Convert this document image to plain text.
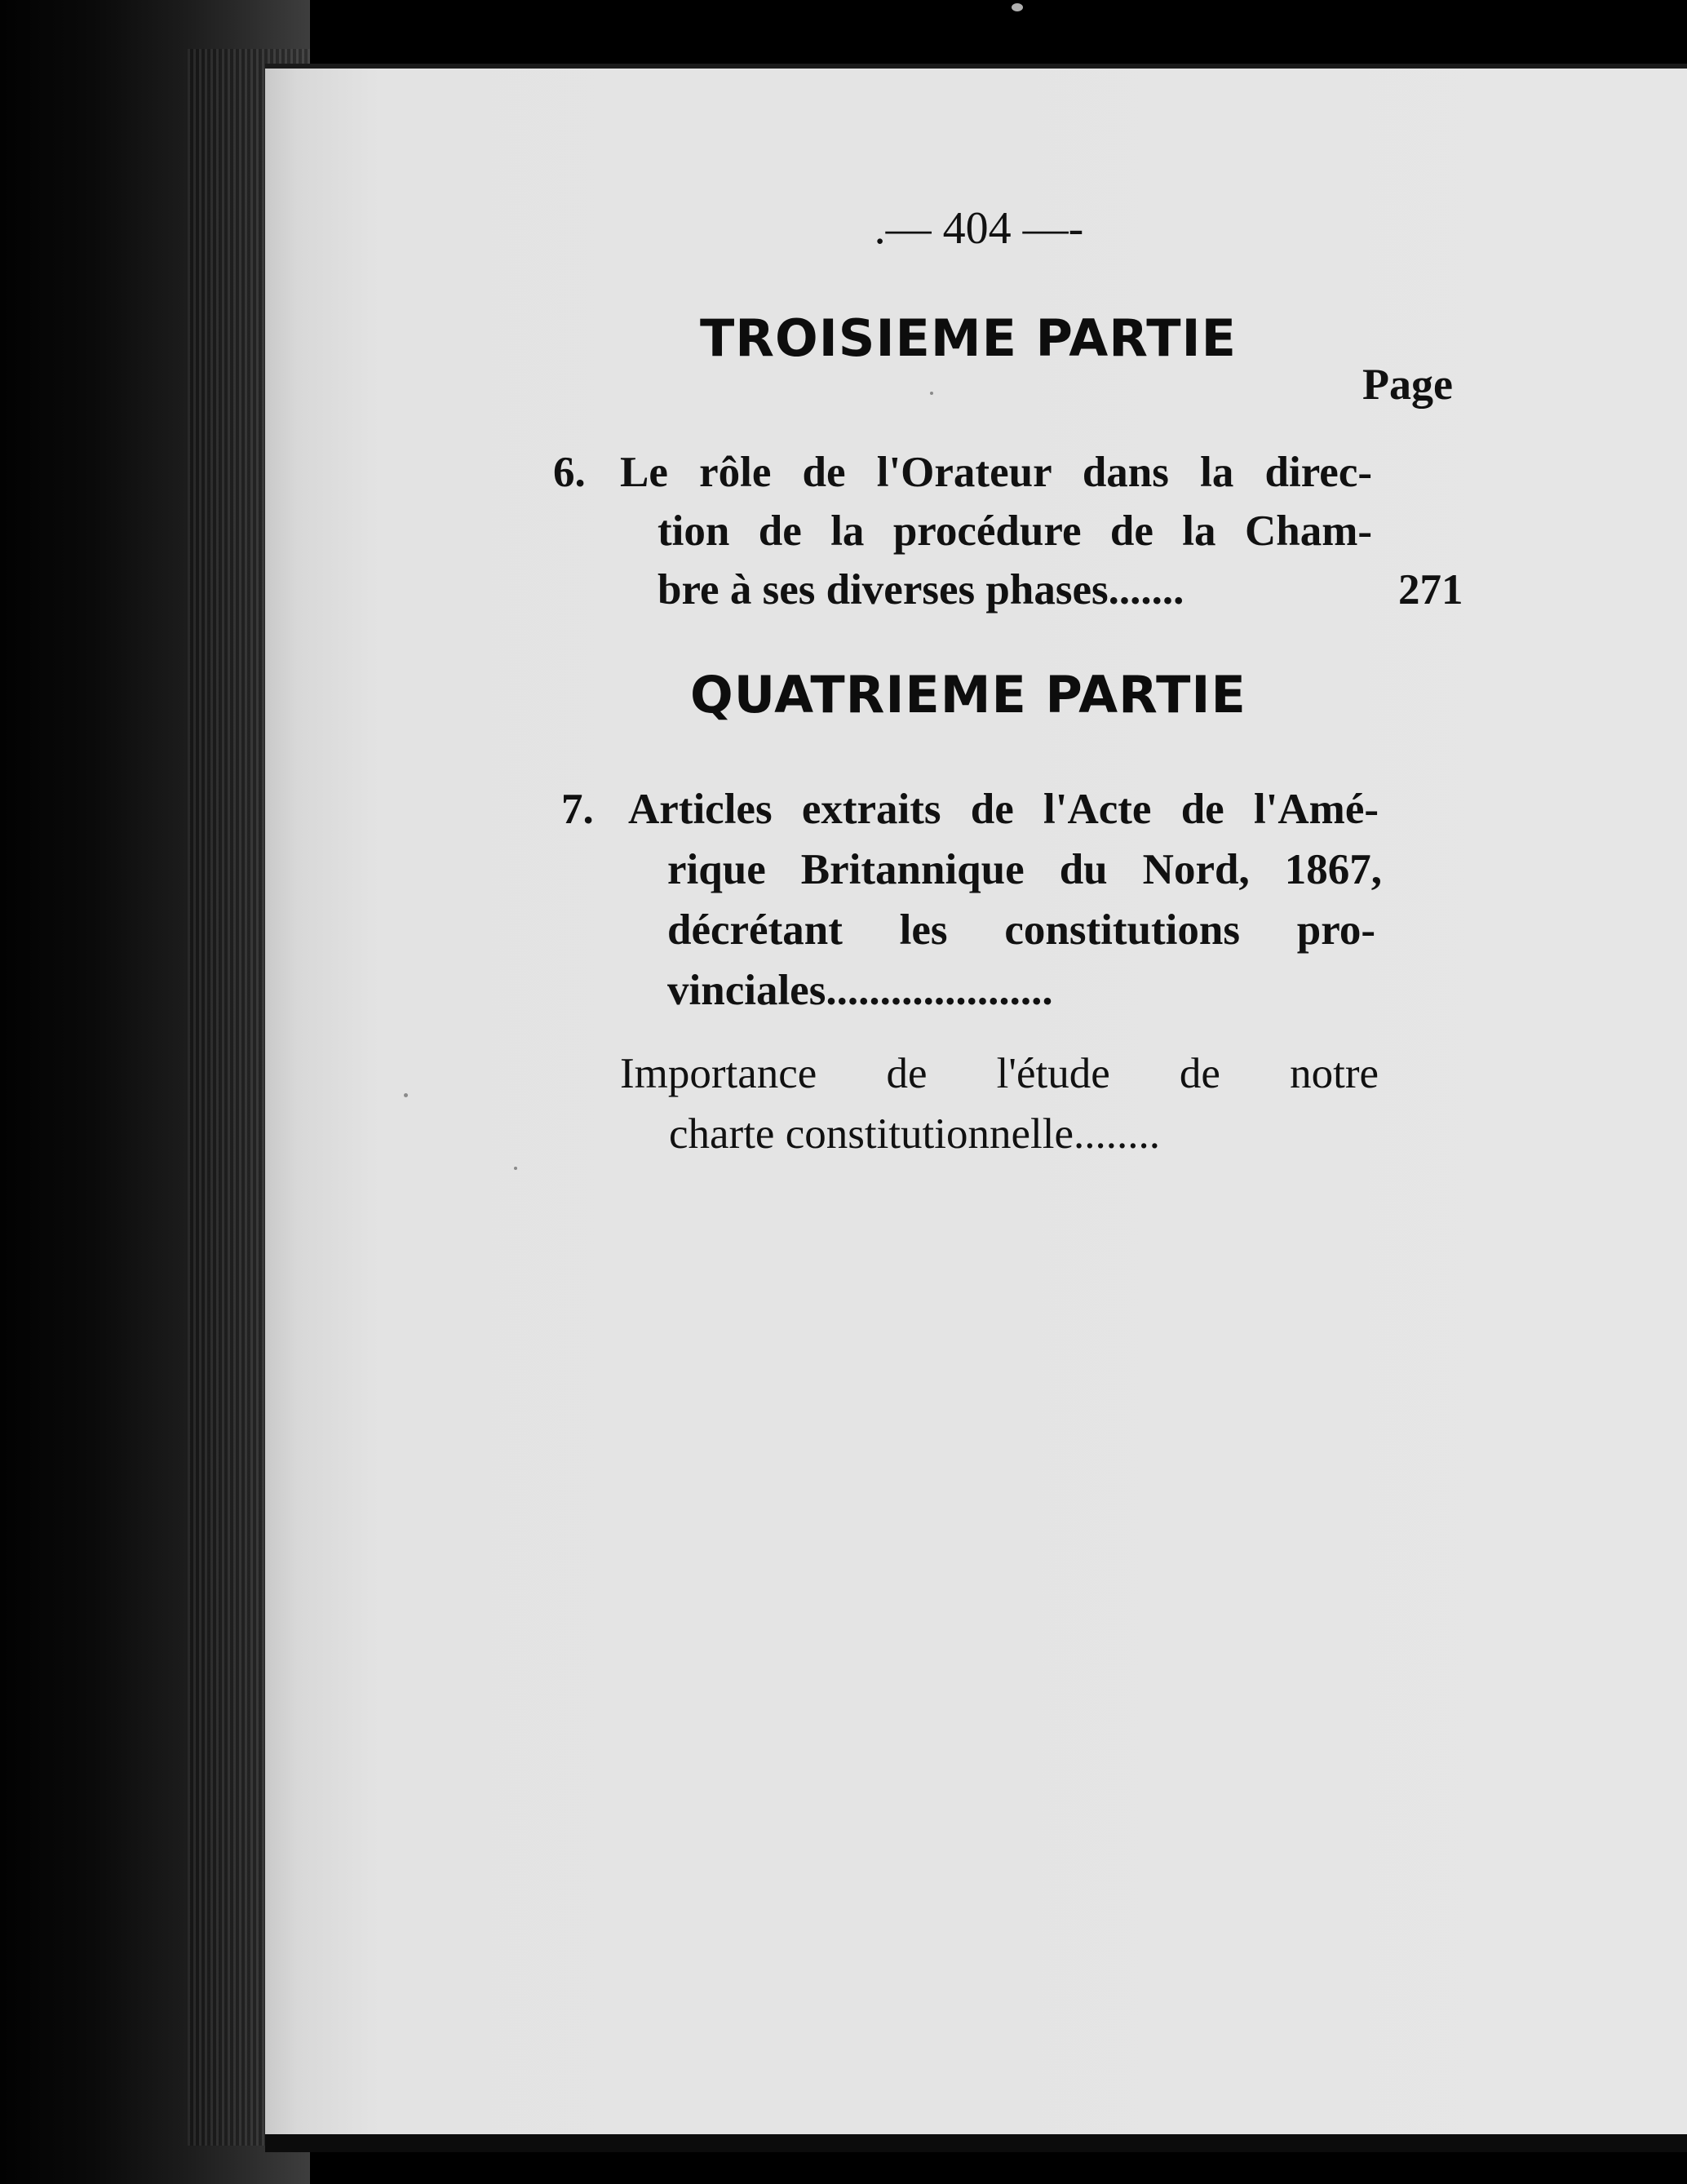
.— 404 —-
TROISIEME PARTIE
Page
6. Le rôle de l'Orateur dans la direc-
tion de la procédure de la Cham-
bre à ses diverses phases.......	271
QUATRIEME PARTIE
7. Articles extraits de l'Acte de l'Amé-
rique Britannique du Nord, 1867,
décrétant les constitutions pro-
vinciales.....................
Importance de l'étude de notre
charte constitutionnelle........
